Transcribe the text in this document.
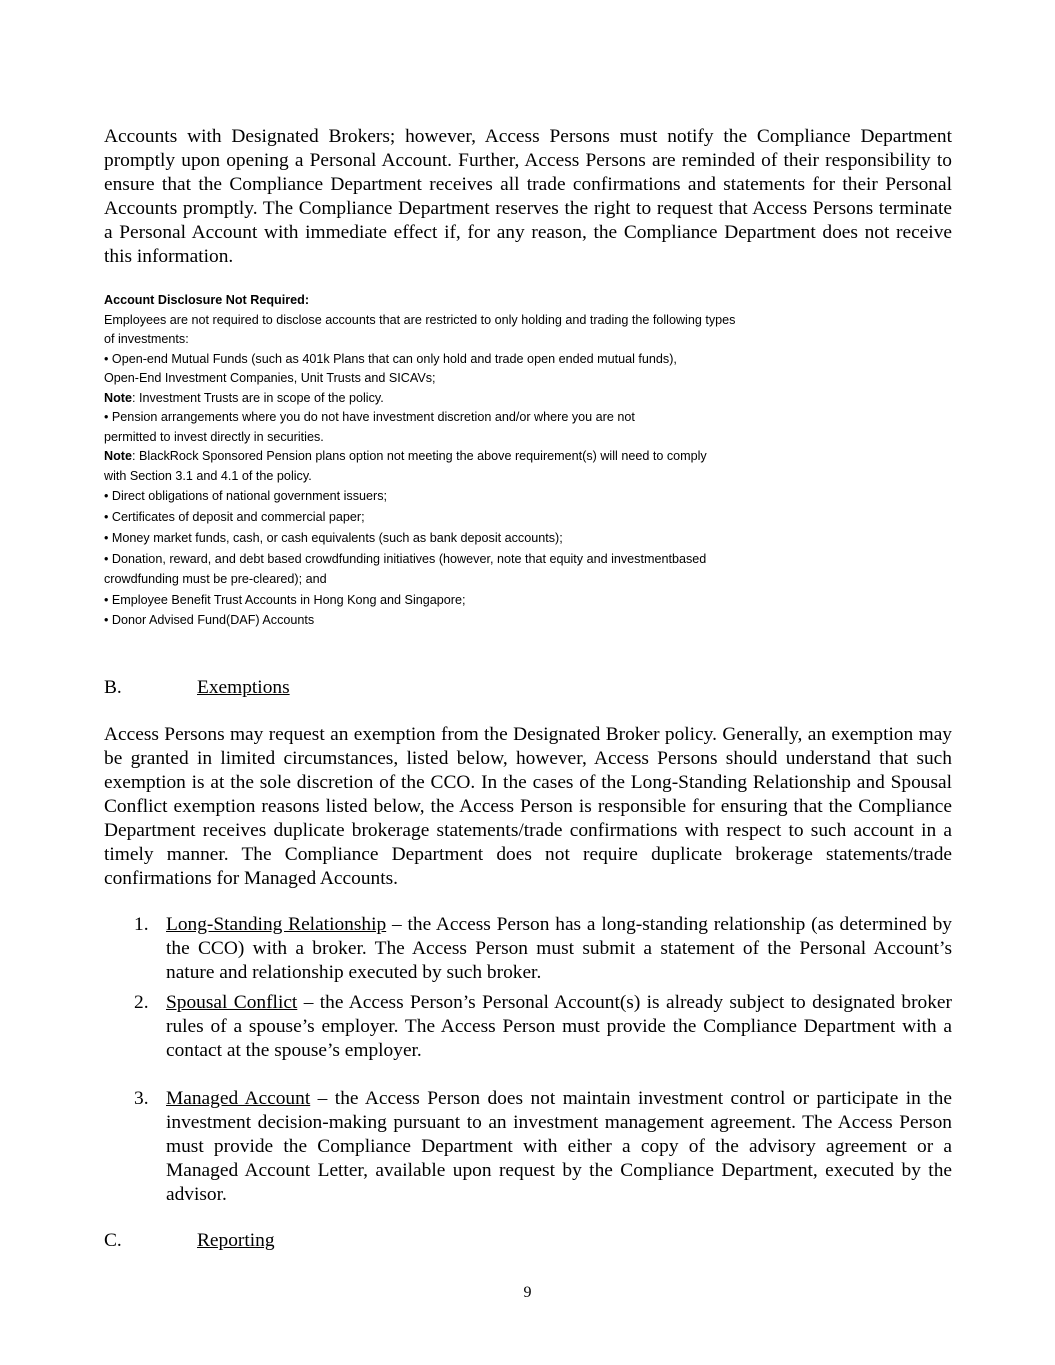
Accounts with Designated Brokers; however, Access Persons must notify the Compliance Department promptly upon opening a Personal Account. Further, Access Persons are reminded of their responsibility to ensure that the Compliance Department receives all trade confirmations and statements for their Personal Accounts promptly. The Compliance Department reserves the right to request that Access Persons terminate a Personal Account with immediate effect if, for any reason, the Compliance Department does not receive this information.

Account Disclosure Not Required:
Employees are not required to disclose accounts that are restricted to only holding and trading the following types
of investments:
• Open-end Mutual Funds (such as 401k Plans that can only hold and trade open ended mutual funds),
Open-End Investment Companies, Unit Trusts and SICAVs;
Note: Investment Trusts are in scope of the policy.
• Pension arrangements where you do not have investment discretion and/or where you are not
permitted to invest directly in securities.
Note: BlackRock Sponsored Pension plans option not meeting the above requirement(s) will need to comply
with Section 3.1 and 4.1 of the policy.
• Direct obligations of national government issuers;
• Certificates of deposit and commercial paper;
• Money market funds, cash, or cash equivalents (such as bank deposit accounts);
• Donation, reward, and debt based crowdfunding initiatives (however, note that equity and investmentbased
crowdfunding must be pre-cleared); and
• Employee Benefit Trust Accounts in Hong Kong and Singapore;
• Donor Advised Fund(DAF) Accounts
B.	Exemptions

Access Persons may request an exemption from the Designated Broker policy. Generally, an exemption may be granted in limited circumstances, listed below, however, Access Persons should understand that such exemption is at the sole discretion of the CCO. In the cases of the Long-Standing Relationship and Spousal Conflict exemption reasons listed below, the Access Person is responsible for ensuring that the Compliance Department receives duplicate brokerage statements/trade confirmations with respect to such account in a timely manner. The Compliance Department does not require duplicate brokerage statements/trade confirmations for Managed Accounts.

1. Long-Standing Relationship – the Access Person has a long-standing relationship (as determined by the CCO) with a broker. The Access Person must submit a statement of the Personal Account’s nature and relationship executed by such broker.
2. Spousal Conflict – the Access Person’s Personal Account(s) is already subject to designated broker rules of a spouse’s employer. The Access Person must provide the Compliance Department with a contact at the spouse’s employer.
3. Managed Account – the Access Person does not maintain investment control or participate in the investment decision-making pursuant to an investment management agreement. The Access Person must provide the Compliance Department with either a copy of the advisory agreement or a Managed Account Letter, available upon request by the Compliance Department, executed by the advisor.
C.	Reporting
9
